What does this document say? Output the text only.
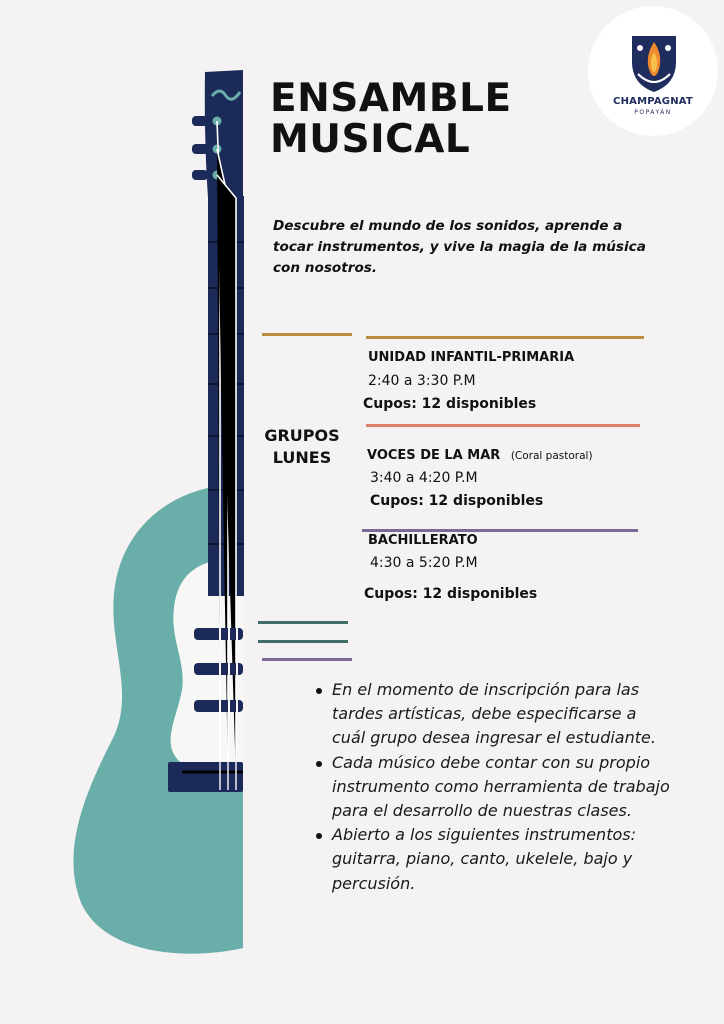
CHAMPAGNAT
POPAYÁN
ENSAMBLE
MUSICAL

Descubre el mundo de los sonidos, aprende a tocar instrumentos, y vive la magia de la música con nosotros.

GRUPOS
LUNES
UNIDAD INFANTIL-PRIMARIA
2:40 a 3:30 P.M
Cupos: 12 disponibles
VOCES DE LA MAR (Coral pastoral)
3:40 a 4:20 P.M
Cupos: 12 disponibles
BACHILLERATO
4:30 a 5:20 P.M
Cupos: 12 disponibles
En el momento de inscripción para las tardes artísticas, debe especificarse a cuál grupo desea ingresar el estudiante.
Cada músico debe contar con su propio instrumento como herramienta de trabajo para el desarrollo de nuestras clases.
Abierto a los siguientes instrumentos: guitarra, piano, canto, ukelele, bajo y percusión.
